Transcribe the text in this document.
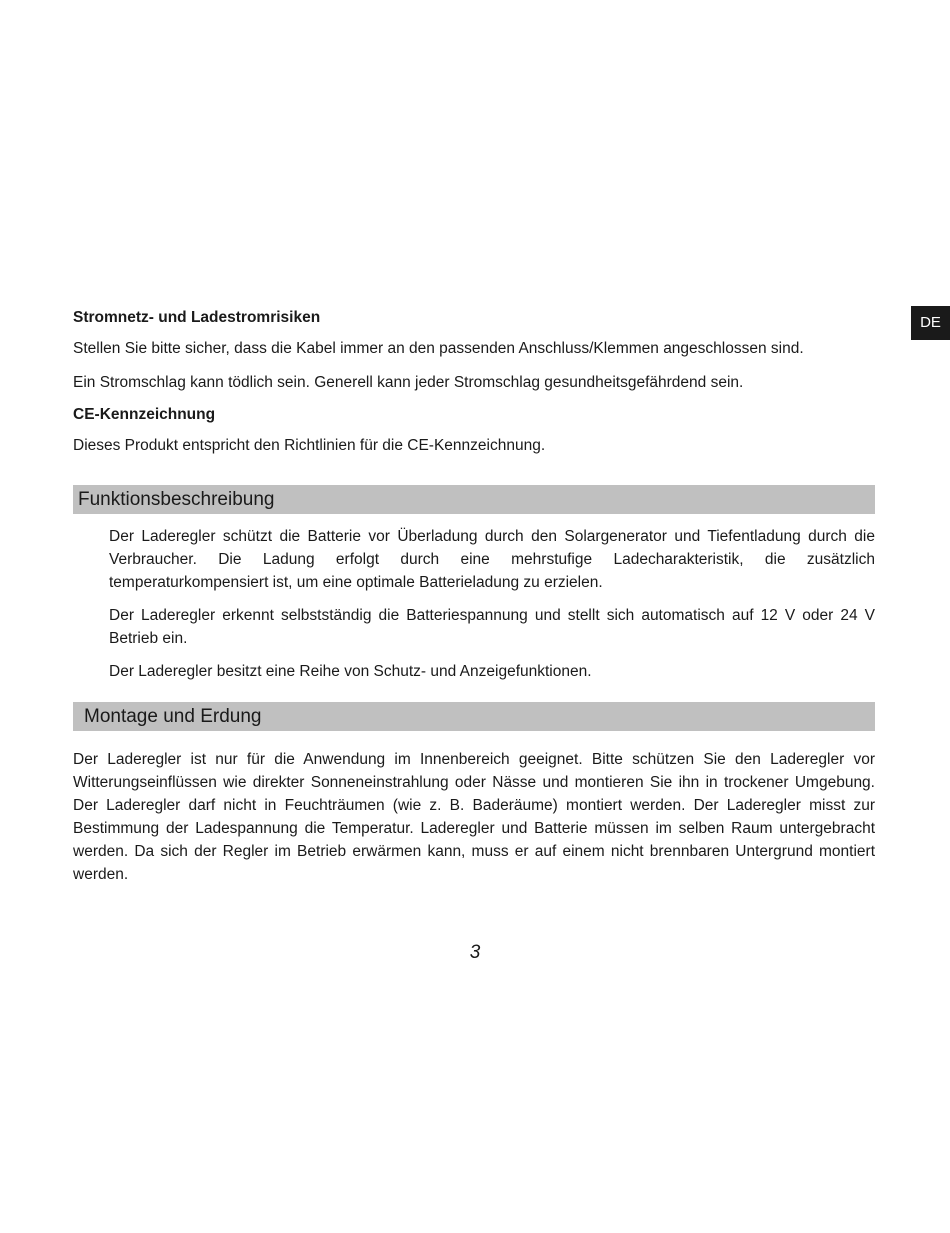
DE
Stromnetz- und Ladestromrisiken

Stellen Sie bitte sicher, dass die Kabel immer an den passenden Anschluss/Klemmen angeschlossen sind.

Ein Stromschlag kann tödlich sein. Generell kann jeder Stromschlag gesundheitsgefährdend sein.

CE-Kennzeichnung

Dieses Produkt entspricht den Richtlinien für die CE-Kennzeichnung.

Funktionsbeschreibung

Der Laderegler schützt die Batterie vor Überladung durch den Solargenerator und Tiefentladung durch die Verbraucher. Die Ladung erfolgt durch eine mehrstufige Ladecharakteristik, die zusätzlich temperaturkompensiert ist, um eine optimale Batterieladung zu erzielen.

Der Laderegler erkennt selbstständig die Batteriespannung und stellt sich automatisch auf 12 V oder 24 V Betrieb ein.

Der Laderegler besitzt eine Reihe von Schutz- und Anzeigefunktionen.

Montage und Erdung

Der Laderegler ist nur für die Anwendung im Innenbereich geeignet. Bitte schützen Sie den Laderegler vor Witterungseinflüssen wie direkter Sonneneinstrahlung oder Nässe und montieren Sie ihn in trockener Umgebung. Der Laderegler darf nicht in Feuchträumen (wie z. B. Baderäume) montiert werden. Der Laderegler misst zur Bestimmung der Ladespannung die Temperatur. Laderegler und Batterie müssen im selben Raum untergebracht werden. Da sich der Regler im Betrieb erwärmen kann, muss er auf einem nicht brennbaren Untergrund montiert werden.

3
